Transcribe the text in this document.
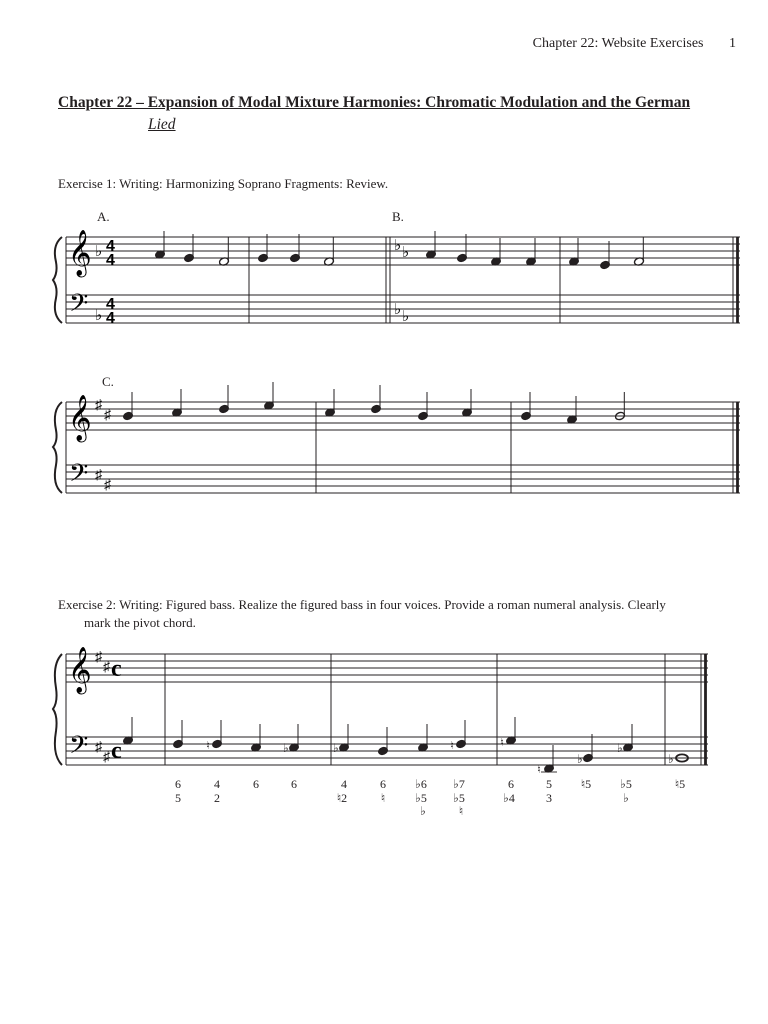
Chapter 22: Website Exercises 1
Chapter 22 – Expansion of Modal Mixture Harmonies: Chromatic Modulation and the German
Lied
Exercise 1: Writing: Harmonizing Soprano Fragments: Review.
Exercise 2: Writing: Figured bass. Realize the figured bass in four voices. Provide a roman numeral analysis. Clearly
mark the pivot chord.
A.	B.
C.
𝄞
𝄢
♭
♭
4
4
4
4
♭ ♭
♭ ♭
𝄞
𝄢
♯
♯
♯
♯
𝄞
𝄢
♯
♯
♯
♯
c
c	♮	♭	♭	♮	♮
♮
♭
♭
♭
6
5
4
2
6	6	4
♮2
6
♮
♭6
♭5
♭
♭7
♭5
♮
6
♭4
5
3
♮5 ♭5
♭
♮5
